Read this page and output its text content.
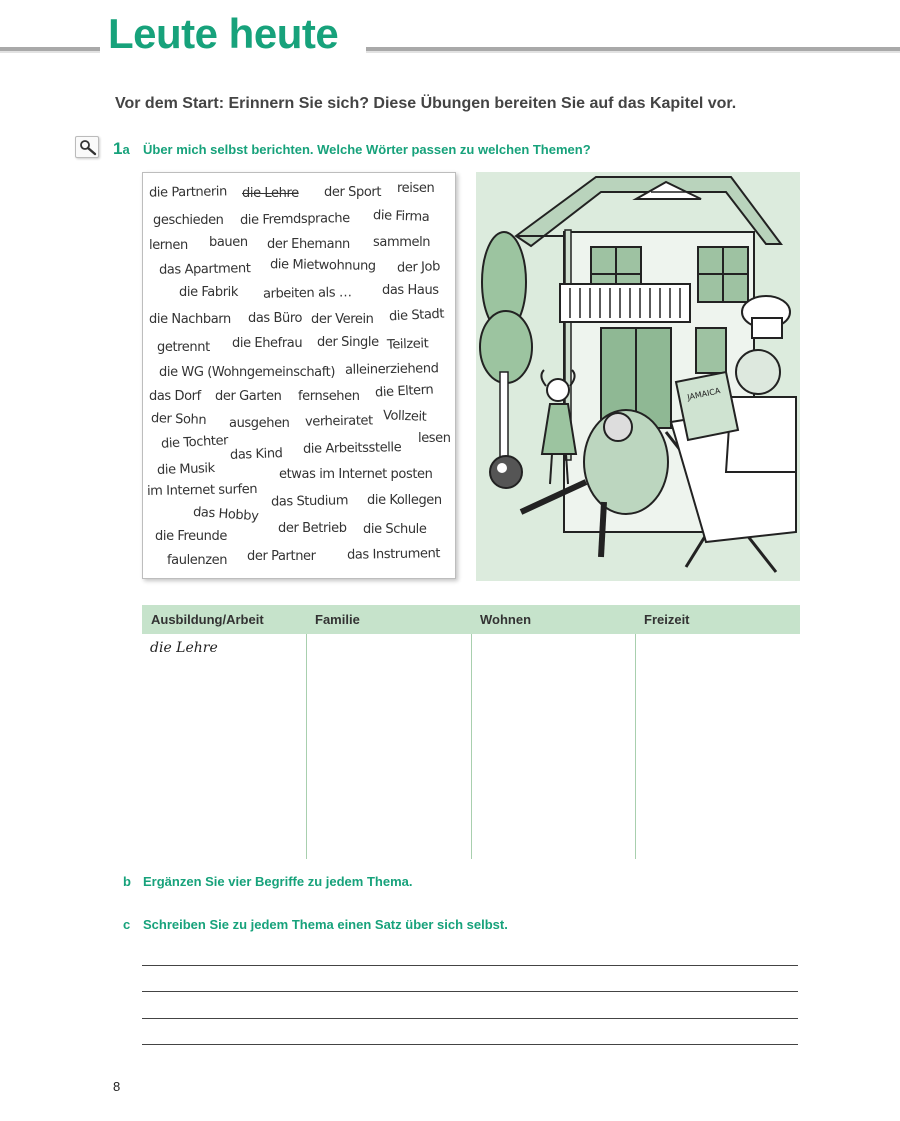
Leute heute

Vor dem Start: Erinnern Sie sich? Diese Übungen bereiten Sie auf das Kapitel vor.

1a Über mich selbst berichten. Welche Wörter passen zu welchen Themen?
die Partnerin die Lehre der Sport reisen
geschieden die Fremdsprache die Firma
lernen bauen der Ehemann sammeln
das Apartment die Mietwohnung der Job
die Fabrik arbeiten als … das Haus
die Nachbarn das Büro der Verein die Stadt
getrennt die Ehefrau der Single Teilzeit
die WG (Wohngemeinschaft) alleinerziehend
das Dorf der Garten fernsehen die Eltern
der Sohn ausgehen verheiratet Vollzeit
die Tochter
das Kind die Arbeitsstelle
lesen
die Musik	etwas im Internet posten
im Internet surfen
das Studium die Kollegen
das Hobby
der Betrieb die Schule
die Freunde
faulenzen der Partner das Instrument
JAMAICA
Ausbildung/Arbeit	Familie	Wohnen	Freizeit
die Lehre
b Ergänzen Sie vier Begriffe zu jedem Thema.
c Schreiben Sie zu jedem Thema einen Satz über sich selbst.
8
